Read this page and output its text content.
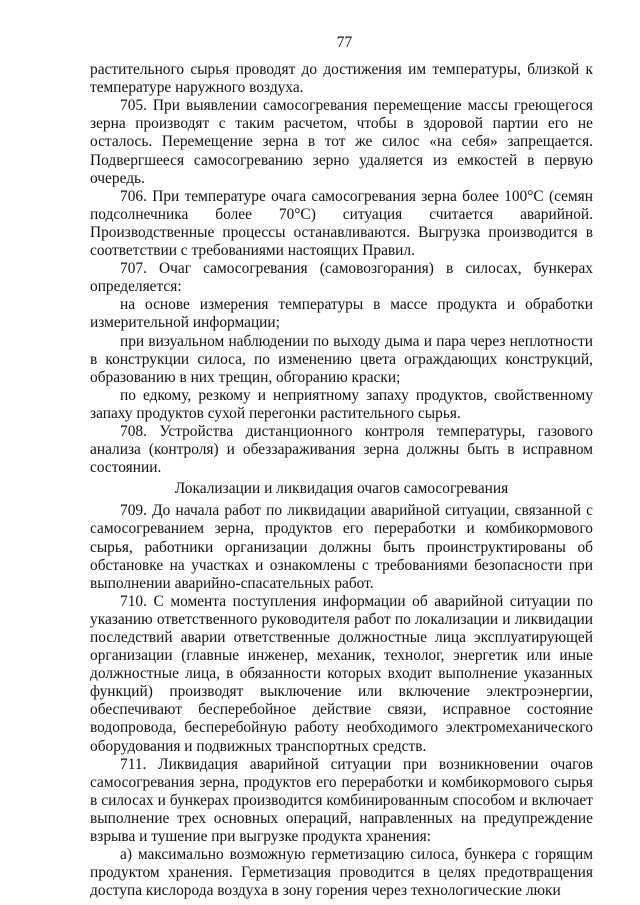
77

растительного сырья проводят до достижения им температуры, близкой к температуре наружного воздуха.

705. При выявлении самосогревания перемещение массы греющегося зерна производят с таким расчетом, чтобы в здоровой партии его не осталось. Перемещение зерна в тот же силос «на себя» запрещается. Подвергшееся самосогреванию зерно удаляется из емкостей в первую очередь.

706. При температуре очага самосогревания зерна более 100°C (семян подсолнечника более 70°C) ситуация считается аварийной. Производственные процессы останавливаются. Выгрузка производится в соответствии с требованиями настоящих Правил.

707. Очаг самосогревания (самовозгорания) в силосах, бункерах определяется:

на основе измерения температуры в массе продукта и обработки измерительной информации;

при визуальном наблюдении по выходу дыма и пара через неплотности в конструкции силоса, по изменению цвета ограждающих конструкций, образованию в них трещин, обгоранию краски;

по едкому, резкому и неприятному запаху продуктов, свойственному запаху продуктов сухой перегонки растительного сырья.

708. Устройства дистанционного контроля температуры, газового анализа (контроля) и обеззараживания зерна должны быть в исправном состоянии.

Локализации и ликвидация очагов самосогревания

709. До начала работ по ликвидации аварийной ситуации, связанной с самосогреванием зерна, продуктов его переработки и комбикормового сырья, работники организации должны быть проинструктированы об обстановке на участках и ознакомлены с требованиями безопасности при выполнении аварийно-спасательных работ.

710. С момента поступления информации об аварийной ситуации по указанию ответственного руководителя работ по локализации и ликвидации последствий аварии ответственные должностные лица эксплуатирующей организации (главные инженер, механик, технолог, энергетик или иные должностные лица, в обязанности которых входит выполнение указанных функций) производят выключение или включение электроэнергии, обеспечивают бесперебойное действие связи, исправное состояние водопровода, бесперебойную работу необходимого электромеханического оборудования и подвижных транспортных средств.

711. Ликвидация аварийной ситуации при возникновении очагов самосогревания зерна, продуктов его переработки и комбикормового сырья в силосах и бункерах производится комбинированным способом и включает выполнение трех основных операций, направленных на предупреждение взрыва и тушение при выгрузке продукта хранения:

а) максимально возможную герметизацию силоса, бункера с горящим продуктом хранения. Герметизация проводится в целях предотвращения доступа кислорода воздуха в зону горения через технологические люки
